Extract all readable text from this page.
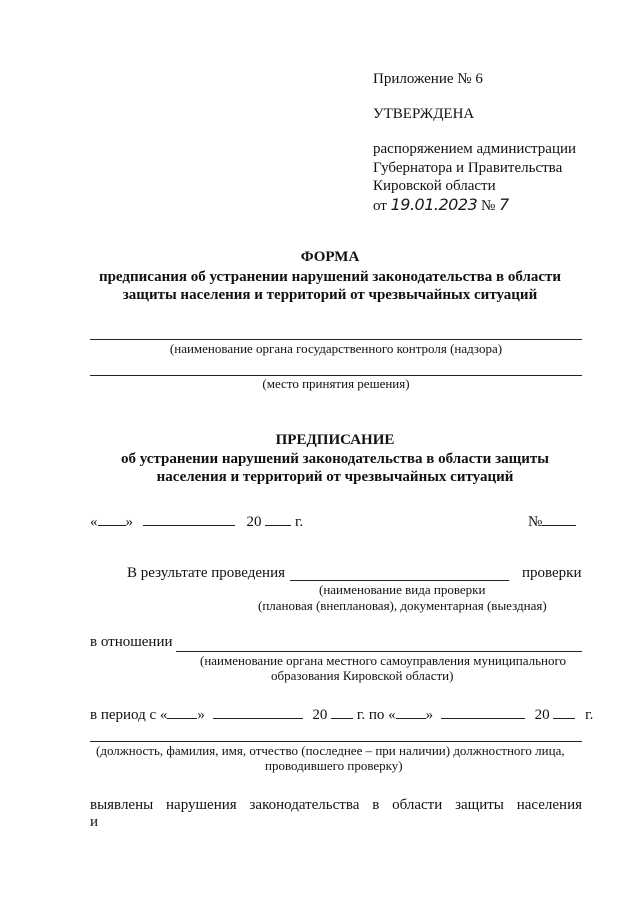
Приложение № 6
УТВЕРЖДЕНА
распоряжением администрации
Губернатора и Правительства
Кировской области
от 19.01.2023 № 7
ФОРМА
предписания об устранении нарушений законодательства в области
защиты населения и территорий от чрезвычайных ситуаций
(наименование органа государственного контроля (надзора)
(место принятия решения)
ПРЕДПИСАНИЕ
об устранении нарушений законодательства в области защиты
населения и территорий от чрезвычайных ситуаций
« »	20 г.	№
В результате проведения	проверки
(наименование вида проверки
(плановая (внеплановая), документарная (выездная)
в отношении
(наименование органа местного самоуправления муниципального
образования Кировской области)
в период с « »	20 г. по « »	20 г.
(должность, фамилия, имя, отчество (последнее – при наличии) должностного лица,
проводившего проверку)
выявлены нарушения законодательства в области защиты населения и
